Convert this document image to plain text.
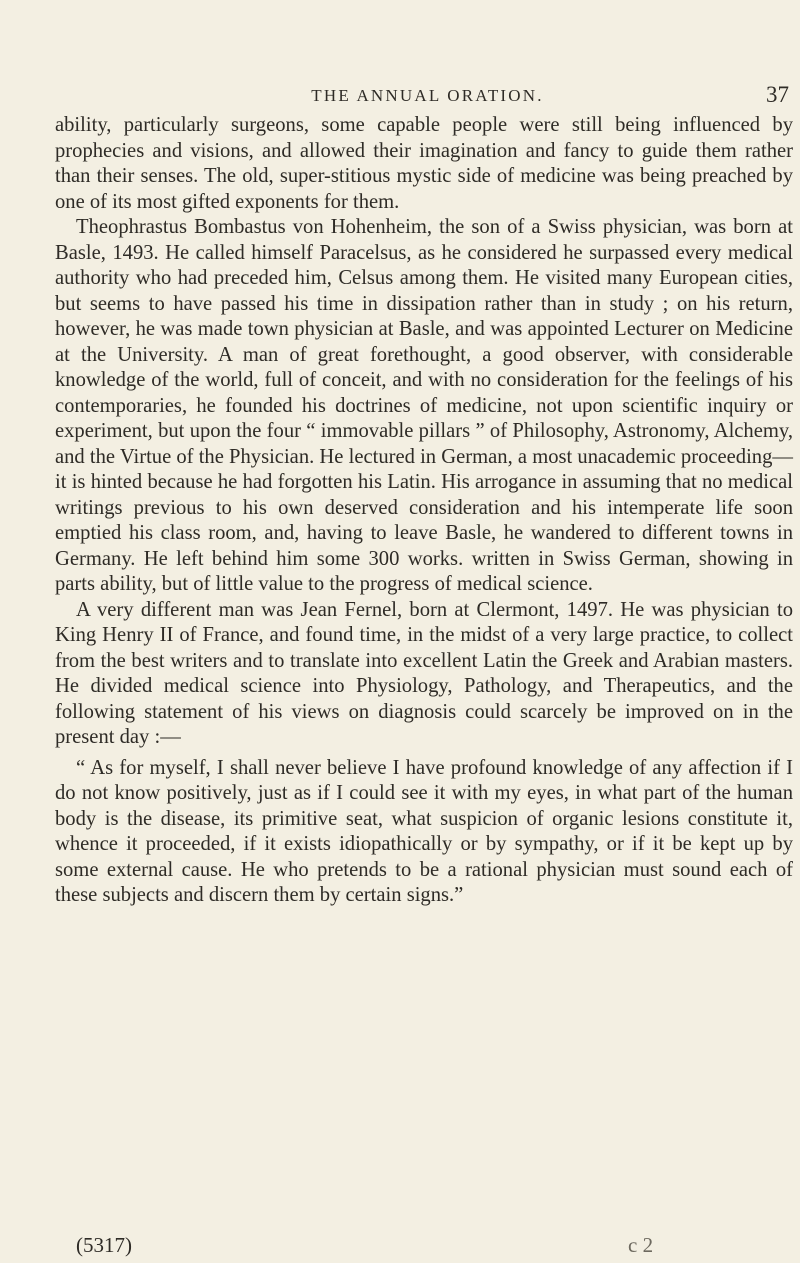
THE ANNUAL ORATION.	37

ability, particularly surgeons, some capable people were still being influenced by prophecies and visions, and allowed their imagination and fancy to guide them rather than their senses. The old, super-stitious mystic side of medicine was being preached by one of its most gifted exponents for them.

Theophrastus Bombastus von Hohenheim, the son of a Swiss physician, was born at Basle, 1493. He called himself Paracelsus, as he considered he surpassed every medical authority who had preceded him, Celsus among them. He visited many European cities, but seems to have passed his time in dissipation rather than in study ; on his return, however, he was made town physician at Basle, and was appointed Lecturer on Medicine at the University. A man of great forethought, a good observer, with considerable knowledge of the world, full of conceit, and with no consideration for the feelings of his contemporaries, he founded his doctrines of medicine, not upon scientific inquiry or experiment, but upon the four “ immovable pillars ” of Philosophy, Astronomy, Alchemy, and the Virtue of the Physician. He lectured in German, a most unacademic proceeding—it is hinted because he had forgotten his Latin. His arrogance in assuming that no medical writings previous to his own deserved consideration and his intemperate life soon emptied his class room, and, having to leave Basle, he wandered to different towns in Germany. He left behind him some 300 works. written in Swiss German, showing in parts ability, but of little value to the progress of medical science.

A very different man was Jean Fernel, born at Clermont, 1497. He was physician to King Henry II of France, and found time, in the midst of a very large practice, to collect from the best writers and to translate into excellent Latin the Greek and Arabian masters. He divided medical science into Physiology, Pathology, and Therapeutics, and the following statement of his views on diagnosis could scarcely be improved on in the present day :—

“ As for myself, I shall never believe I have profound knowledge of any affection if I do not know positively, just as if I could see it with my eyes, in what part of the human body is the disease, its primitive seat, what suspicion of organic lesions constitute it, whence it proceeded, if it exists idiopathically or by sympathy, or if it be kept up by some external cause. He who pretends to be a rational physician must sound each of these subjects and discern them by certain signs.”

(5317)	c 2
